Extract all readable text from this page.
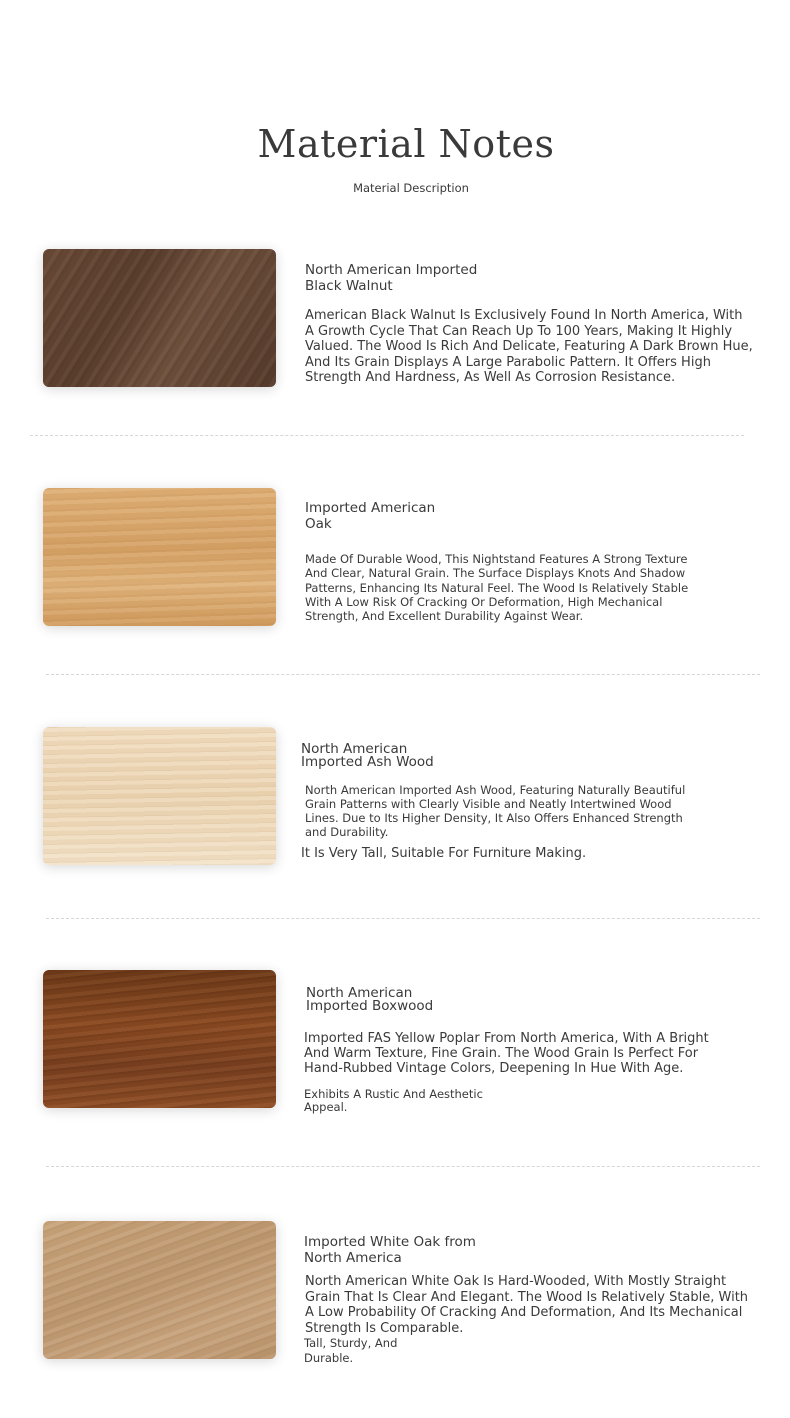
Material Notes

Material Description

North American Imported
Black Walnut
American Black Walnut Is Exclusively Found In North America, With
A Growth Cycle That Can Reach Up To 100 Years, Making It Highly
Valued. The Wood Is Rich And Delicate, Featuring A Dark Brown Hue,
And Its Grain Displays A Large Parabolic Pattern. It Offers High
Strength And Hardness, As Well As Corrosion Resistance.
Imported American
Oak
Made Of Durable Wood, This Nightstand Features A Strong Texture
And Clear, Natural Grain. The Surface Displays Knots And Shadow
Patterns, Enhancing Its Natural Feel. The Wood Is Relatively Stable
With A Low Risk Of Cracking Or Deformation, High Mechanical
Strength, And Excellent Durability Against Wear.
North American
Imported Ash Wood
North American Imported Ash Wood, Featuring Naturally Beautiful
Grain Patterns with Clearly Visible and Neatly Intertwined Wood
Lines. Due to Its Higher Density, It Also Offers Enhanced Strength
and Durability.
It Is Very Tall, Suitable For Furniture Making.
North American
Imported Boxwood
Imported FAS Yellow Poplar From North America, With A Bright
And Warm Texture, Fine Grain. The Wood Grain Is Perfect For
Hand-Rubbed Vintage Colors, Deepening In Hue With Age.
Exhibits A Rustic And Aesthetic
Appeal.
Imported White Oak from
North America
North American White Oak Is Hard-Wooded, With Mostly Straight
Grain That Is Clear And Elegant. The Wood Is Relatively Stable, With
A Low Probability Of Cracking And Deformation, And Its Mechanical
Strength Is Comparable.
Tall, Sturdy, And
Durable.
